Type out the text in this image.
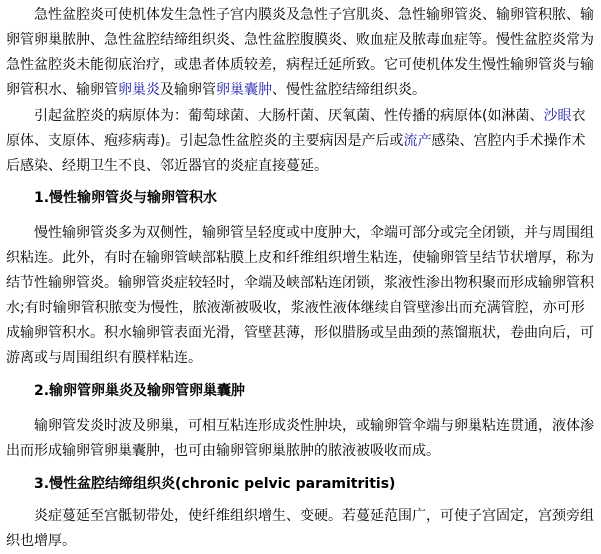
急性盆腔炎可使机体发生急性子宫内膜炎及急性子宫肌炎、急性输卵管炎、输卵管积脓、输
卵管卵巢脓肿、急性盆腔结缔组织炎、急性盆腔腹膜炎、败血症及脓毒血症等。慢性盆腔炎常为
急性盆腔炎未能彻底治疗，或患者体质较差，病程迁延所致。它可使机体发生慢性输卵管炎与输
卵管积水、输卵管卵巢炎及输卵管卵巢囊肿、慢性盆腔结缔组织炎。
引起盆腔炎的病原体为：葡萄球菌、大肠杆菌、厌氧菌、性传播的病原体(如淋菌、沙眼衣
原体、支原体、疱疹病毒)。引起急性盆腔炎的主要病因是产后或流产感染、宫腔内手术操作术
后感染、经期卫生不良、邻近器官的炎症直接蔓延。
1.慢性输卵管炎与输卵管积水
慢性输卵管炎多为双侧性，输卵管呈轻度或中度肿大，伞端可部分或完全闭锁，并与周围组
织粘连。此外，有时在输卵管峡部粘膜上皮和纤维组织增生粘连，使输卵管呈结节状增厚，称为
结节性输卵管炎。输卵管炎症较轻时，伞端及峡部粘连闭锁，浆液性渗出物积聚而形成输卵管积
水;有时输卵管积脓变为慢性，脓液渐被吸收，浆液性液体继续自管壁渗出而充满管腔，亦可形
成输卵管积水。积水输卵管表面光滑，管壁甚薄，形似腊肠或呈曲颈的蒸馏瓶状，卷曲向后，可
游离或与周围组织有膜样粘连。
2.输卵管卵巢炎及输卵管卵巢囊肿
输卵管发炎时波及卵巢，可相互粘连形成炎性肿块，或输卵管伞端与卵巢粘连贯通，液体渗
出而形成输卵管卵巢囊肿，也可由输卵管卵巢脓肿的脓液被吸收而成。
3.慢性盆腔结缔组织炎(chronic pelvic paramitritis)
炎症蔓延至宫骶韧带处，使纤维组织增生、变硬。若蔓延范围广，可使子宫固定，宫颈旁组
织也增厚。
